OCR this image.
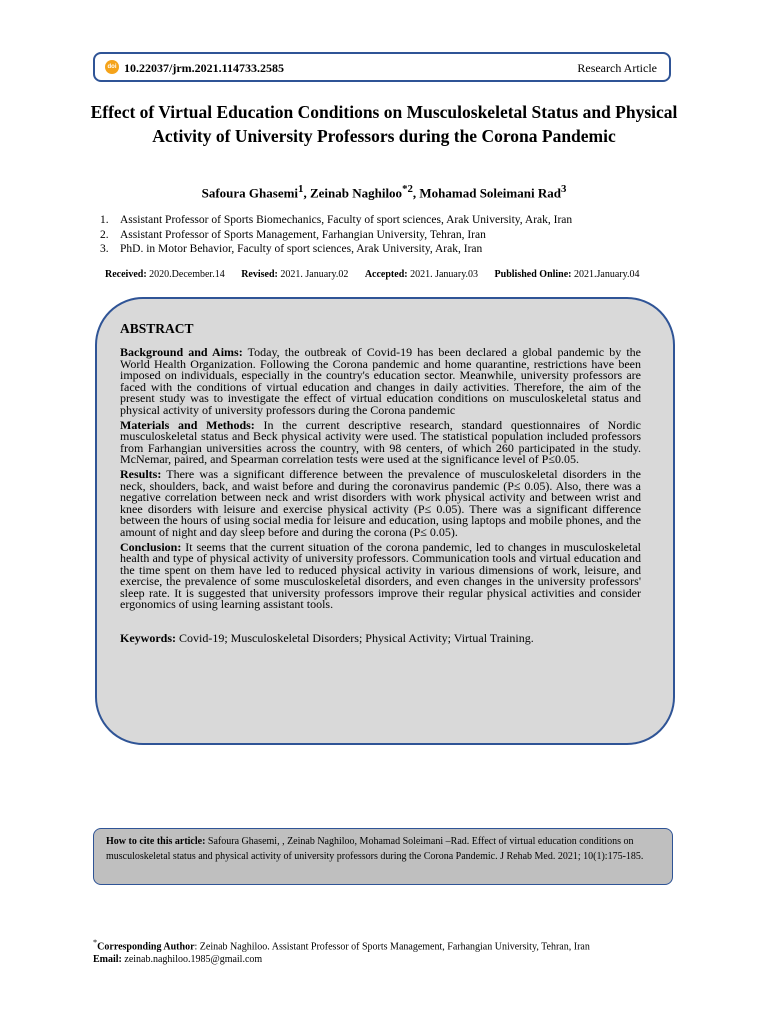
doi 10.22037/jrm.2021.114733.2585	Research Article
Effect of Virtual Education Conditions on Musculoskeletal Status and Physical Activity of University Professors during the Corona Pandemic
Safoura Ghasemi$^1$, Zeinab Naghiloo$^{*2}$, Mohamad Soleimani Rad$^3$
1. Assistant Professor of Sports Biomechanics, Faculty of sport sciences, Arak University, Arak, Iran
2. Assistant Professor of Sports Management, Farhangian University, Tehran, Iran
3. PhD. in Motor Behavior, Faculty of sport sciences, Arak University, Arak, Iran
Received: 2020.December.14 Revised: 2021. January.02 Accepted: 2021. January.03 Published Online: 2021.January.04
ABSTRACT

Background and Aims: Today, the outbreak of Covid-19 has been declared a global pandemic by the World Health Organization. Following the Corona pandemic and home quarantine, restrictions have been imposed on individuals, especially in the country's education sector. Meanwhile, university professors are faced with the conditions of virtual education and changes in daily activities. Therefore, the aim of the present study was to investigate the effect of virtual education conditions on musculoskeletal status and physical activity of university professors during the Corona pandemic

Materials and Methods: In the current descriptive research, standard questionnaires of Nordic musculoskeletal status and Beck physical activity were used. The statistical population included professors from Farhangian universities across the country, with 98 centers, of which 260 participated in the study. McNemar, paired, and Spearman correlation tests were used at the significance level of P≤0.05.

Results: There was a significant difference between the prevalence of musculoskeletal disorders in the neck, shoulders, back, and waist before and during the coronavirus pandemic (P≤ 0.05). Also, there was a negative correlation between neck and wrist disorders with work physical activity and between wrist and knee disorders with leisure and exercise physical activity (P≤ 0.05). There was a significant difference between the hours of using social media for leisure and education, using laptops and mobile phones, and the amount of night and day sleep before and during the corona (P≤ 0.05).

Conclusion: It seems that the current situation of the corona pandemic, led to changes in musculoskeletal health and type of physical activity of university professors. Communication tools and virtual education and the time spent on them have led to reduced physical activity in various dimensions of work, leisure, and exercise, the prevalence of some musculoskeletal disorders, and even changes in the university professors' sleep rate. It is suggested that university professors improve their regular physical activities and consider ergonomics of using learning assistant tools.

Keywords: Covid-19; Musculoskeletal Disorders; Physical Activity; Virtual Training.
How to cite this article: Safoura Ghasemi, , Zeinab Naghiloo, Mohamad Soleimani –Rad. Effect of virtual education conditions on musculoskeletal status and physical activity of university professors during the Corona Pandemic. J Rehab Med. 2021; 10(1):175-185.
*Corresponding Author: Zeinab Naghiloo. Assistant Professor of Sports Management, Farhangian University, Tehran, Iran
Email: zeinab.naghiloo.1985@gmail.com
